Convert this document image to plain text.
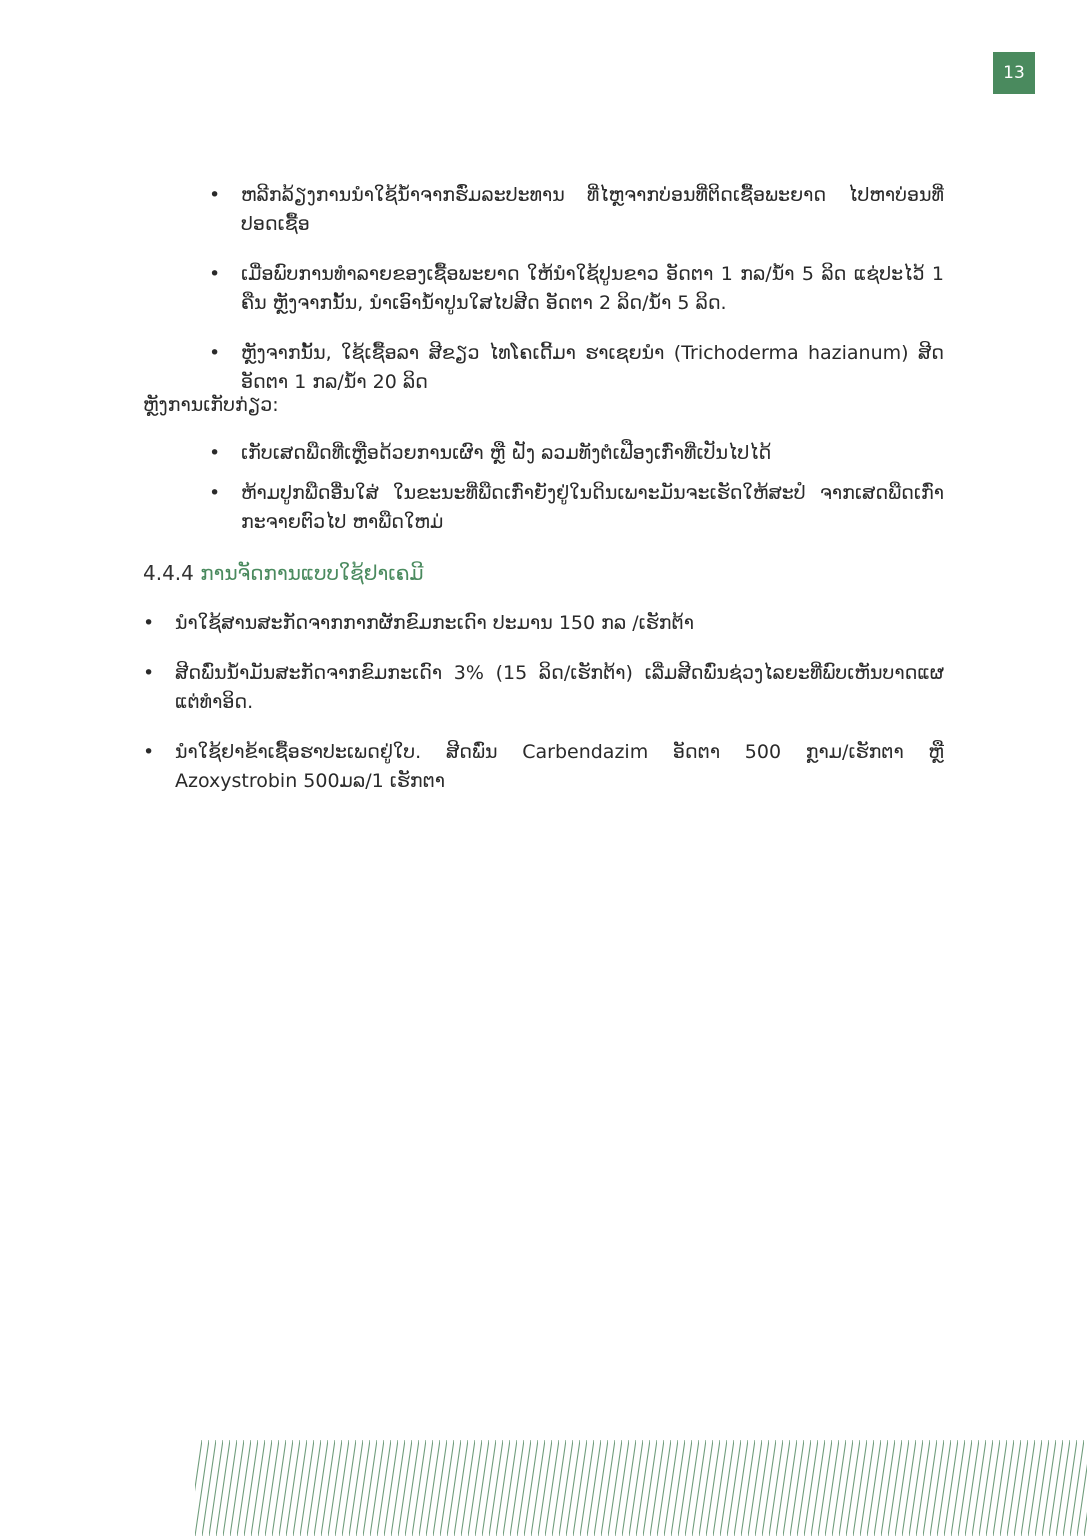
13
• ຫລີກລ້ຽງການນໍາໃຊ້ນໍ້າຈາກຮົ່ມລະປະທານ ທີ່ໄຫຼຈາກບ່ອນທີ່ຕິດເຊື້ອພະຍາດ ໄປຫາບ່ອນທີ່ປອດເຊື້ອ
• ເມື່ອພົບການທໍາລາຍຂອງເຊື້ອພະຍາດ ໃຫ້ນໍາໃຊ້ປູນຂາວ ອັດຕາ 1 ກລ/ນໍ້າ 5 ລິດ ແຊ່ປະໄວ້ 1 ຄືນ ຫຼັງຈາກນັ້ນ, ນໍາເອົານໍ້າປູນໃສໄປສີດ ອັດຕາ 2 ລິດ/ນໍ້າ 5 ລິດ.
• ຫຼັງຈາກນັ້ນ, ໃຊ້ເຊື້ອລາ ສີຂຽວ ໄທໂຄເດີ້ມາ ຮາເຊຍນໍາ (Trichoderma hazianum) ສີດ ອັດຕາ 1 ກລ/ນໍ້າ 20 ລິດ
ຫຼັງການເກັບກ່ຽວ:
• ເກັບເສດພືດທີ່ເຫຼືອດ້ວຍການເຜົາ ຫຼື ຝັງ ລວມທັງຕໍເຟືອງເກົ່າທີ່ເປັນໄປໄດ້
• ຫ້າມປູກພືດອື່ນໃສ່ ໃນຂະນະທີ່ພືດເກົ່າຍັງຢູ່ໃນດິນເພາະມັນຈະເຮັດໃຫ້ສະປໍ ຈາກເສດພືດເກົ່າກະຈາຍຕົວໄປ ຫາພືດໃຫມ່
4.4.4 ການຈັດການແບບໃຊ້ຢາເຄມີ
• ນໍາໃຊ້ສານສະກັດຈາກກາກຜັກຂົມກະເດົາ ປະມານ 150 ກລ /ເຮັກຕ້າ
• ສີດພົ່ນນໍ້າມັນສະກັດຈາກຂົມກະເດົາ 3% (15 ລິດ/ເຮັກຕ້າ) ເລີ່ມສີດພົ່ນຊ່ວງໄລຍະທີ່ພົບເຫັນບາດແຜ ແຕ່ທໍາອິດ.
• ນໍາໃຊ້ຢາຂ້າເຊື້ອຮາປະເພດຢູ່ໃບ. ສີດພົ່ນ Carbendazim ອັດຕາ 500 ກຼາມ/ເຮັກຕາ ຫຼື Azoxystrobin 500ມລ/1 ເຮັກຕາ
